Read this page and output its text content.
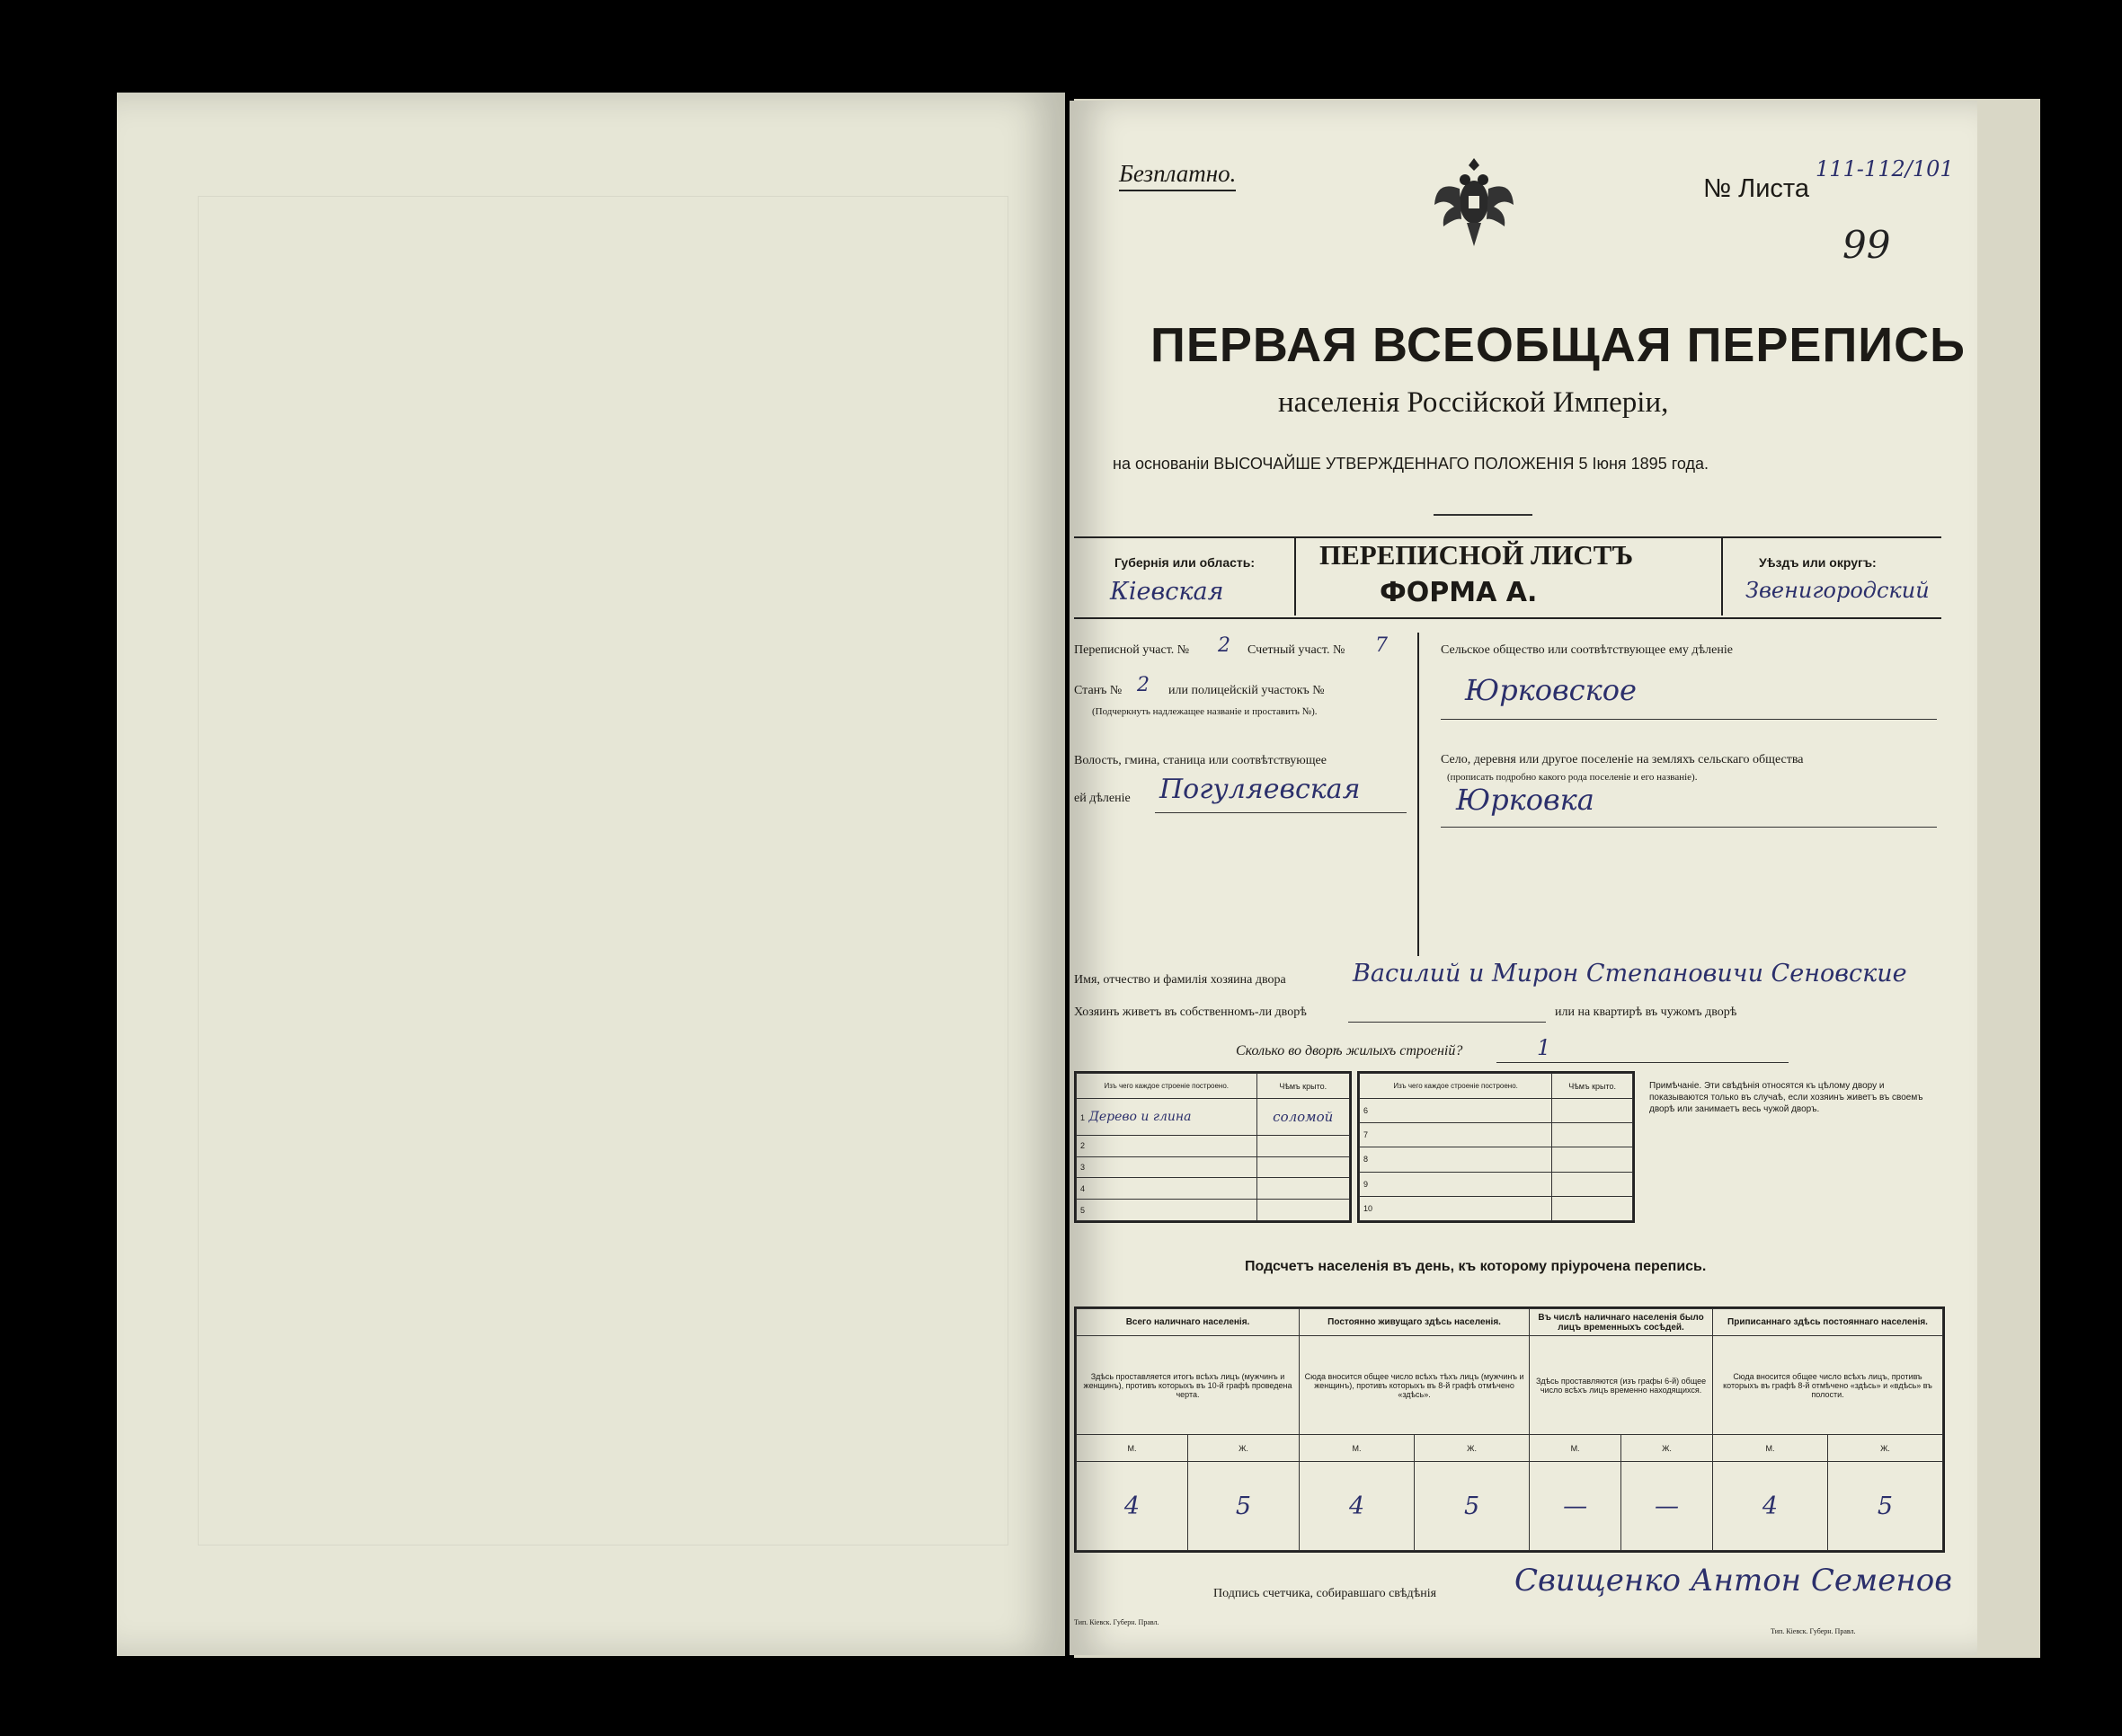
Безплатно.
№ Листа
111-112/101
99
ПЕРВАЯ ВСЕОБЩАЯ ПЕРЕПИСЬ
населенія Россійской Имперіи,
на основаніи ВЫСОЧАЙШЕ УТВЕРЖДЕННАГО ПОЛОЖЕНІЯ 5 Іюня 1895 года.
Губернія или область:
Кіевская
ПЕРЕПИСНОЙ ЛИСТЪ
ФОРМА А.
Уѣздъ или округъ:
Звенигородский
Переписной участ. № 2 Счетный участ. № 7
Станъ № 2 или полицейскій участокъ №
(Подчеркнуть надлежащее названіе и проставить №).
Волость, гмина, станица или соотвѣтствующее
ей дѣленіе Погуляевская
Сельское общество или соотвѣтствующее ему дѣленіе
Юрковское
Село, деревня или другое поселеніе на земляхъ сельскаго общества
(прописать подробно какого рода поселеніе и его названіе).
Юрковка
Имя, отчество и фамилія хозяина двора	Василий и Мирон Степановичи Сеновские
Хозяинъ живетъ въ собственномъ-ли дворѣ	или на квартирѣ въ чужомъ дворѣ
Сколько во дворѣ жилыхъ строеній?	1
Изъ чего каждое строеніе построено.	Чѣмъ крыто.
1 Дерево и глина	соломой
2	
3	
4	
5	
Изъ чего каждое строеніе построено.	Чѣмъ крыто.
6	
7	
8	
9	
10	
Примѣчаніе. Эти свѣдѣнія относятся къ цѣлому двору и показываются только въ случаѣ, если хозяинъ живетъ въ своемъ дворѣ или занимаетъ весь чужой дворъ.
Подсчетъ населенія въ день, къ которому пріурочена перепись.
Всего наличнаго населенія.		Постоянно живущаго здѣсь населенія.		Въ числѣ наличнаго населенія было лицъ временныхъ сосѣдей.		Приписаннаго здѣсь постояннаго населенія.	
Здѣсь проставляется итогъ всѣхъ лицъ (мужчинъ и женщинъ), противъ которыхъ въ 10-й графѣ проведена черта.		Сюда вносится общее число всѣхъ тѣхъ лицъ (мужчинъ и женщинъ), противъ которыхъ въ 8-й графѣ отмѣчено «здѣсь».		Здѣсь проставляются (изъ графы 6-й) общее число всѣхъ лицъ временно находящихся.		Сюда вносится общее число всѣхъ лицъ, противъ которыхъ въ графѣ 8-й отмѣчено «здѣсь» и «вдѣсь» въ полости.	
М.	Ж.	М.	Ж.	М.	Ж.	М.	Ж.
4	5	4	5	—	—	4	5
Подпись счетчика, собиравшаго свѣдѣнія	Свищенко Антон Семенов
Тип. Кіевск. Губерн. Правл.
Тип. Кіевск. Губерн. Правл.
